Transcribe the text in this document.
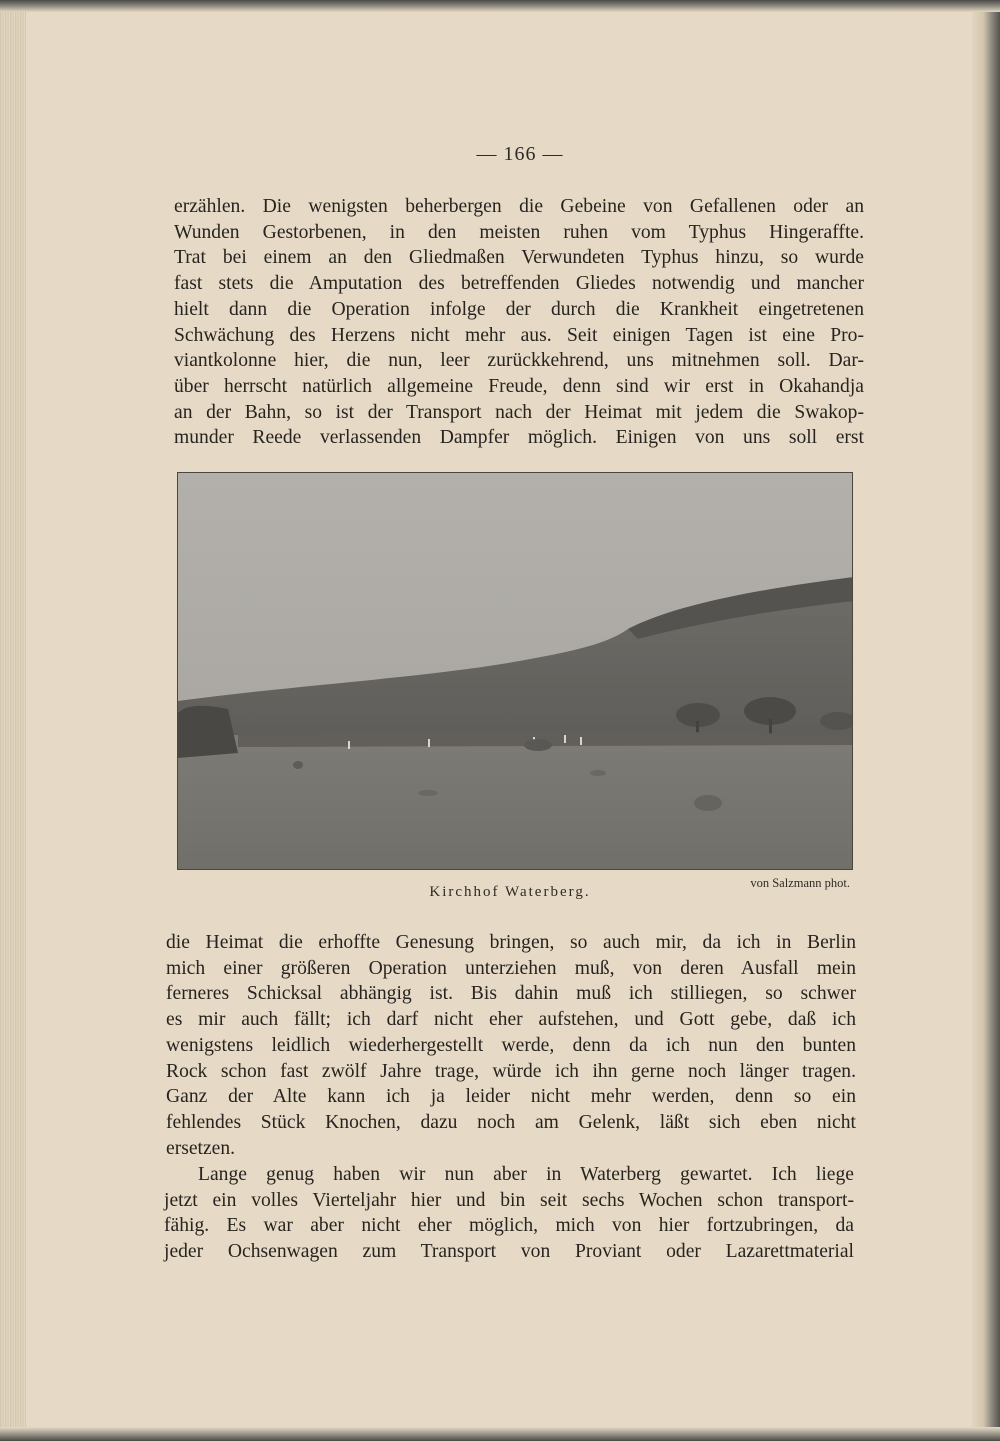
— 166 —
erzählen. Die wenigsten beherbergen die Gebeine von Gefallenen oder an
Wunden Gestorbenen, in den meisten ruhen vom Typhus Hingeraffte.
Trat bei einem an den Gliedmaßen Verwundeten Typhus hinzu, so wurde
fast stets die Amputation des betreffenden Gliedes notwendig und mancher
hielt dann die Operation infolge der durch die Krankheit eingetretenen
Schwächung des Herzens nicht mehr aus. Seit einigen Tagen ist eine Pro-
viantkolonne hier, die nun, leer zurückkehrend, uns mitnehmen soll. Dar-
über herrscht natürlich allgemeine Freude, denn sind wir erst in Okahandja
an der Bahn, so ist der Transport nach der Heimat mit jedem die Swakop-
munder Reede verlassenden Dampfer möglich. Einigen von uns soll erst
von Salzmann phot.
Kirchhof Waterberg.
die Heimat die erhoffte Genesung bringen, so auch mir, da ich in Berlin
mich einer größeren Operation unterziehen muß, von deren Ausfall mein
ferneres Schicksal abhängig ist. Bis dahin muß ich stilliegen, so schwer
es mir auch fällt; ich darf nicht eher aufstehen, und Gott gebe, daß ich
wenigstens leidlich wiederhergestellt werde, denn da ich nun den bunten
Rock schon fast zwölf Jahre trage, würde ich ihn gerne noch länger tragen.
Ganz der Alte kann ich ja leider nicht mehr werden, denn so ein
fehlendes Stück Knochen, dazu noch am Gelenk, läßt sich eben nicht
ersetzen.
Lange genug haben wir nun aber in Waterberg gewartet. Ich liege
jetzt ein volles Vierteljahr hier und bin seit sechs Wochen schon transport-
fähig. Es war aber nicht eher möglich, mich von hier fortzubringen, da
jeder Ochsenwagen zum Transport von Proviant oder Lazarettmaterial
